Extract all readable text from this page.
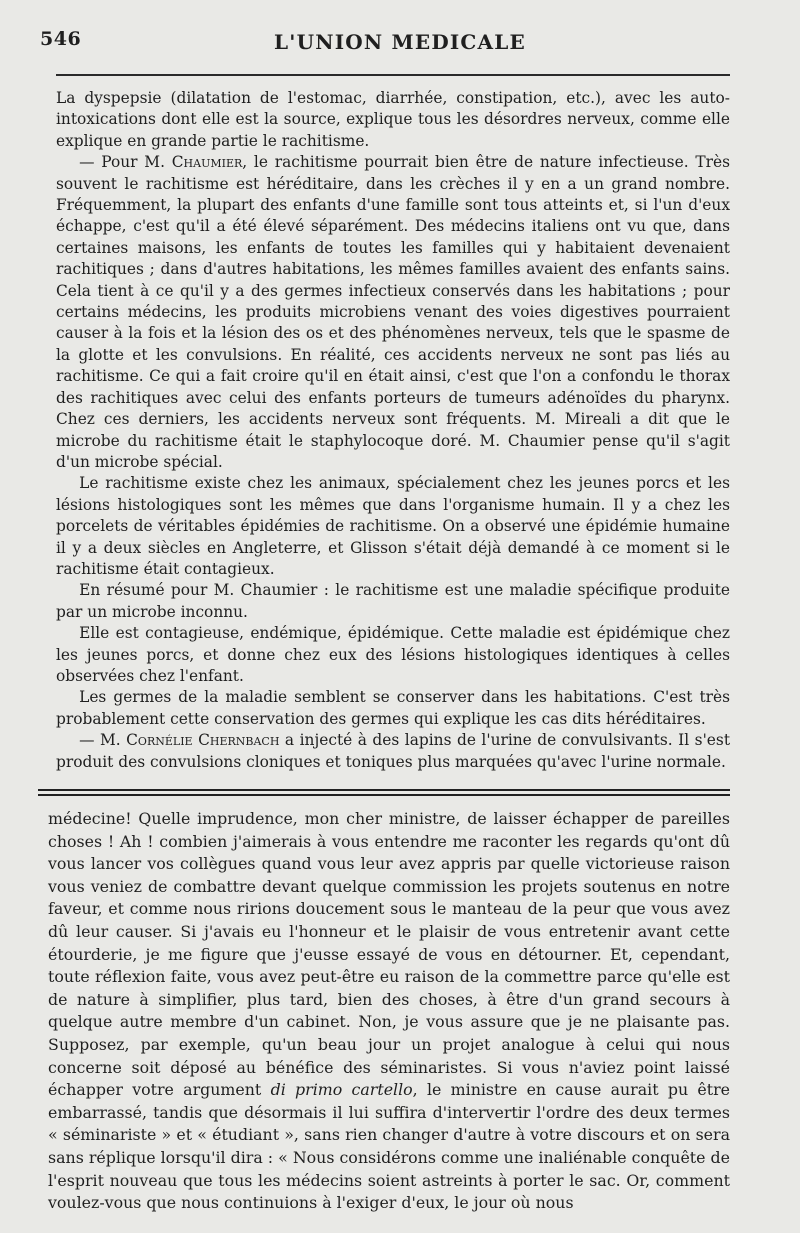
546	L'UNION MEDICALE

La dyspepsie (dilatation de l'estomac, diarrhée, constipation, etc.), avec les auto-intoxications dont elle est la source, explique tous les désordres nerveux, comme elle explique en grande partie le rachitisme.

— Pour M. Chaumier, le rachitisme pourrait bien être de nature infectieuse. Très souvent le rachitisme est héréditaire, dans les crèches il y en a un grand nombre. Fréquemment, la plupart des enfants d'une famille sont tous atteints et, si l'un d'eux échappe, c'est qu'il a été élevé séparément. Des médecins italiens ont vu que, dans certaines maisons, les enfants de toutes les familles qui y habitaient devenaient rachitiques ; dans d'autres habitations, les mêmes familles avaient des enfants sains. Cela tient à ce qu'il y a des germes infectieux conservés dans les habitations ; pour certains médecins, les produits microbiens venant des voies digestives pourraient causer à la fois et la lésion des os et des phénomènes nerveux, tels que le spasme de la glotte et les convulsions. En réalité, ces accidents nerveux ne sont pas liés au rachitisme. Ce qui a fait croire qu'il en était ainsi, c'est que l'on a confondu le thorax des rachitiques avec celui des enfants porteurs de tumeurs adénoïdes du pharynx. Chez ces derniers, les accidents nerveux sont fréquents. M. Mireali a dit que le microbe du rachitisme était le staphylocoque doré. M. Chaumier pense qu'il s'agit d'un microbe spécial.

Le rachitisme existe chez les animaux, spécialement chez les jeunes porcs et les lésions histologiques sont les mêmes que dans l'organisme humain. Il y a chez les porcelets de véritables épidémies de rachitisme. On a observé une épidémie humaine il y a deux siècles en Angleterre, et Glisson s'était déjà demandé à ce moment si le rachitisme était contagieux.

En résumé pour M. Chaumier : le rachitisme est une maladie spécifique produite par un microbe inconnu.

Elle est contagieuse, endémique, épidémique. Cette maladie est épidémique chez les jeunes porcs, et donne chez eux des lésions histologiques identiques à celles observées chez l'enfant.

Les germes de la maladie semblent se conserver dans les habitations. C'est très probablement cette conservation des germes qui explique les cas dits héréditaires.

— M. Cornélie Chernbach a injecté à des lapins de l'urine de convulsivants. Il s'est produit des convulsions cloniques et toniques plus marquées qu'avec l'urine normale.

médecine! Quelle imprudence, mon cher ministre, de laisser échapper de pareilles choses ! Ah ! combien j'aimerais à vous entendre me raconter les regards qu'ont dû vous lancer vos collègues quand vous leur avez appris par quelle victorieuse raison vous veniez de combattre devant quelque commission les projets soutenus en notre faveur, et comme nous ririons doucement sous le manteau de la peur que vous avez dû leur causer. Si j'avais eu l'honneur et le plaisir de vous entretenir avant cette étourderie, je me figure que j'eusse essayé de vous en détourner. Et, cependant, toute réflexion faite, vous avez peut-être eu raison de la commettre parce qu'elle est de nature à simplifier, plus tard, bien des choses, à être d'un grand secours à quelque autre membre d'un cabinet. Non, je vous assure que je ne plaisante pas. Supposez, par exemple, qu'un beau jour un projet analogue à celui qui nous concerne soit déposé au bénéfice des séminaristes. Si vous n'aviez point laissé échapper votre argument di primo cartello, le ministre en cause aurait pu être embarrassé, tandis que désormais il lui suffira d'intervertir l'ordre des deux termes « séminariste » et « étudiant », sans rien changer d'autre à votre discours et on sera sans réplique lorsqu'il dira : « Nous considérons comme une inaliénable conquête de l'esprit nouveau que tous les médecins soient astreints à porter le sac. Or, comment voulez-vous que nous continuions à l'exiger d'eux, le jour où nous
